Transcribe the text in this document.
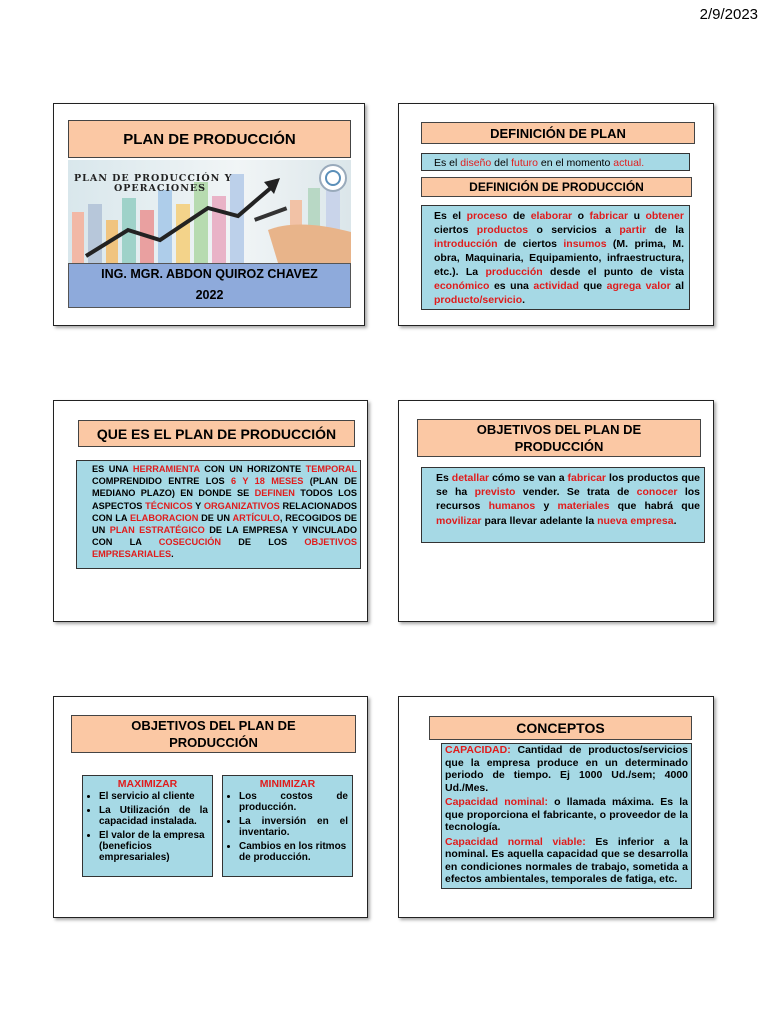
2/9/2023
PLAN DE PRODUCCIÓN
PLAN DE PRODUCCIÓN Y
OPERACIONES
ING. MGR. ABDON QUIROZ CHAVEZ
2022
DEFINICIÓN DE PLAN
Es el diseño del futuro en el momento actual.
DEFINICIÓN DE PRODUCCIÓN
Es el proceso de elaborar o fabricar u obtener ciertos productos o servicios a partir de la introducción de ciertos insumos (M. prima, M. obra, Maquinaria, Equipamiento, infraestructura, etc.). La producción desde el punto de vista económico es una actividad que agrega valor al producto/servicio.
QUE ES EL PLAN DE PRODUCCIÓN
ES UNA HERRAMIENTA CON UN HORIZONTE TEMPORAL COMPRENDIDO ENTRE LOS 6 Y 18 MESES (PLAN DE MEDIANO PLAZO) EN DONDE SE DEFINEN TODOS LOS ASPECTOS TÉCNICOS Y ORGANIZATIVOS RELACIONADOS CON LA ELABORACION DE UN ARTÍCULO, RECOGIDOS DE UN PLAN ESTRATÉGICO DE LA EMPRESA Y VINCULADO CON LA COSECUCIÓN DE LOS OBJETIVOS EMPRESARIALES.
OBJETIVOS DEL PLAN DE PRODUCCIÓN
Es detallar cómo se van a fabricar los productos que se ha previsto vender. Se trata de conocer los recursos humanos y materiales que habrá que movilizar para llevar adelante la nueva empresa.
OBJETIVOS DEL PLAN DE PRODUCCIÓN
MAXIMIZAR
• El servicio al cliente
• La Utilización de la capacidad instalada.
• El valor de la empresa (beneficios empresariales)
MINIMIZAR
• Los costos de producción.
• La inversión en el inventario.
• Cambios en los ritmos de producción.
CONCEPTOS
CAPACIDAD: Cantidad de productos/servicios que la empresa produce en un determinado periodo de tiempo. Ej 1000 Ud./sem; 4000 Ud./Mes.
Capacidad nominal: o llamada máxima. Es la que proporciona el fabricante, o proveedor de la tecnología.
Capacidad normal viable: Es inferior a la nominal. Es aquella capacidad que se desarrolla en condiciones normales de trabajo, sometida a efectos ambientales, temporales de fatiga, etc.
